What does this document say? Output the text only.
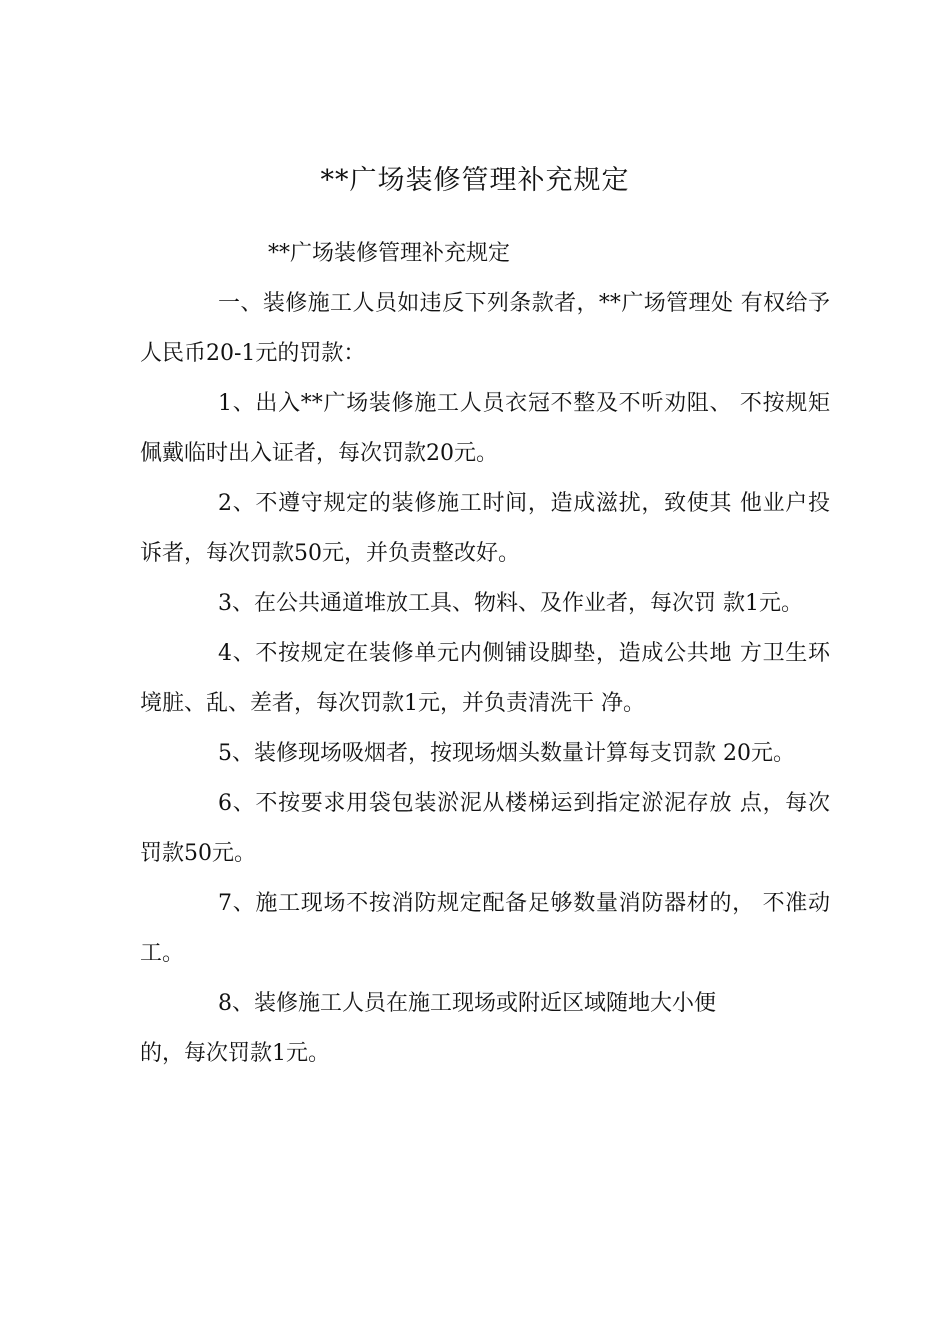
**广场装修管理补充规定
**广场装修管理补充规定

一、装修施工人员如违反下列条款者，**广场管理处 有权给予人民币20-1元的罚款：

1、出入**广场装修施工人员衣冠不整及不听劝阻、 不按规矩佩戴临时出入证者，每次罚款20元。

2、不遵守规定的装修施工时间，造成滋扰，致使其 他业户投诉者，每次罚款50元，并负责整改好。

3、在公共通道堆放工具、物料、及作业者，每次罚 款1元。

4、不按规定在装修单元内侧铺设脚垫，造成公共地 方卫生环境脏、乱、差者，每次罚款1元，并负责清洗干 净。

5、装修现场吸烟者，按现场烟头数量计算每支罚款 20元。

6、不按要求用袋包装淤泥从楼梯运到指定淤泥存放 点，每次罚款50元。

7、施工现场不按消防规定配备足够数量消防器材的， 不准动工。

8、装修施工人员在施工现场或附近区域随地大小便
的，每次罚款1元。
